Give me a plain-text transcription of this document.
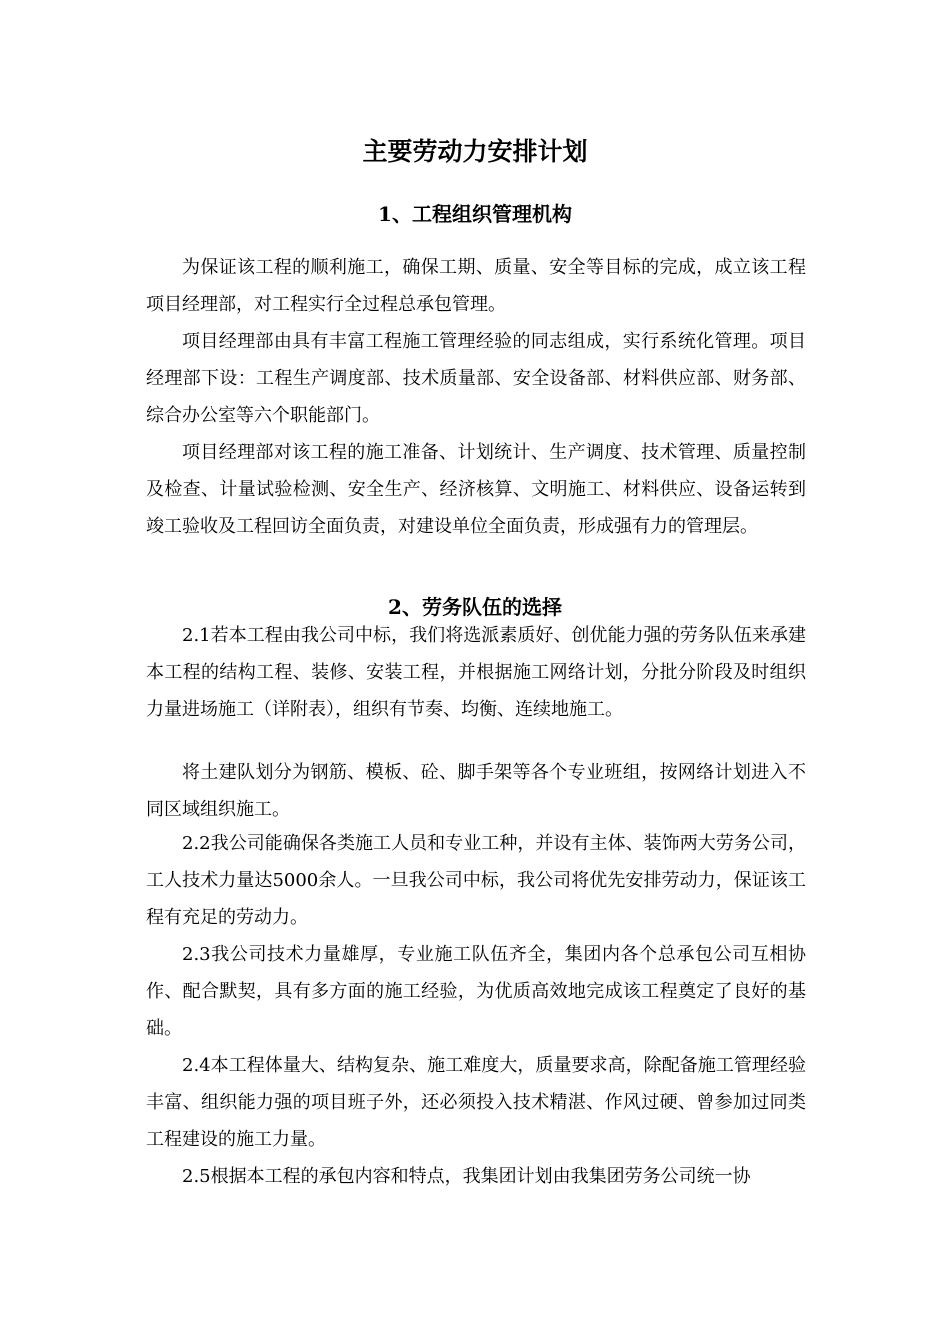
主要劳动力安排计划
1、工程组织管理机构

为保证该工程的顺利施工，确保工期、质量、安全等目标的完成，成立该工程项目经理部，对工程实行全过程总承包管理。

项目经理部由具有丰富工程施工管理经验的同志组成，实行系统化管理。项目经理部下设：工程生产调度部、技术质量部、安全设备部、材料供应部、财务部、综合办公室等六个职能部门。

项目经理部对该工程的施工准备、计划统计、生产调度、技术管理、质量控制及检查、计量试验检测、安全生产、经济核算、文明施工、材料供应、设备运转到竣工验收及工程回访全面负责，对建设单位全面负责，形成强有力的管理层。

2、劳务队伍的选择

2.1若本工程由我公司中标，我们将选派素质好、创优能力强的劳务队伍来承建本工程的结构工程、装修、安装工程，并根据施工网络计划，分批分阶段及时组织力量进场施工（详附表），组织有节奏、均衡、连续地施工。

将土建队划分为钢筋、模板、砼、脚手架等各个专业班组，按网络计划进入不同区域组织施工。

2.2我公司能确保各类施工人员和专业工种，并设有主体、装饰两大劳务公司，工人技术力量达5000余人。一旦我公司中标，我公司将优先安排劳动力，保证该工程有充足的劳动力。

2.3我公司技术力量雄厚，专业施工队伍齐全，集团内各个总承包公司互相协作、配合默契，具有多方面的施工经验，为优质高效地完成该工程奠定了良好的基础。

2.4本工程体量大、结构复杂、施工难度大，质量要求高，除配备施工管理经验丰富、组织能力强的项目班子外，还必须投入技术精湛、作风过硬、曾参加过同类工程建设的施工力量。

2.5根据本工程的承包内容和特点，我集团计划由我集团劳务公司统一协
